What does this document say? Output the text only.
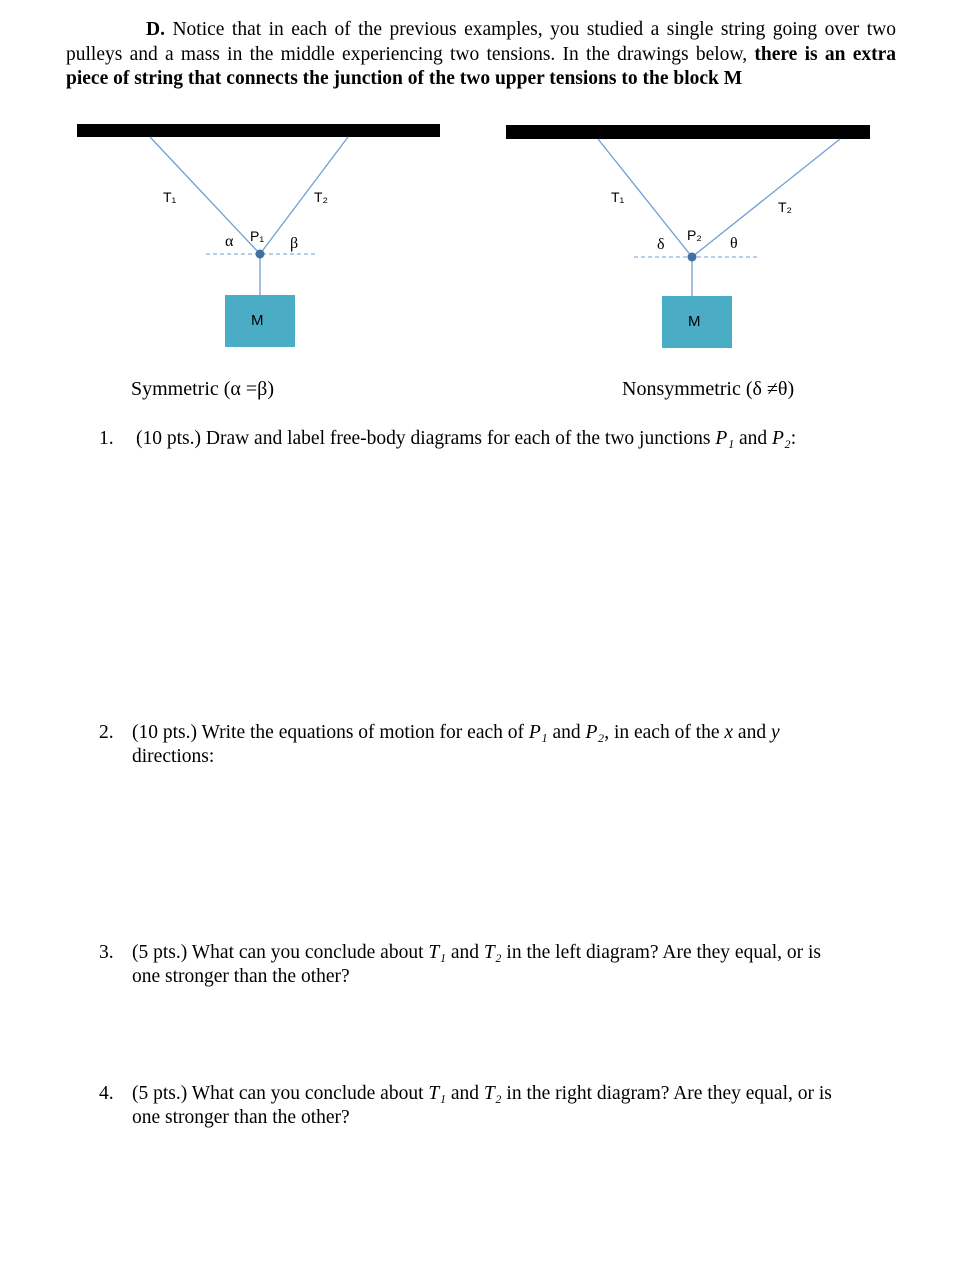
D. Notice that in each of the previous examples, you studied a single string going over two pulleys and a mass in the middle experiencing two tensions. In the drawings below, there is an extra piece of string that connects the junction of the two upper tensions to the block M
T₁	T₂
P₁
α	β
M
T₁
T₂
P₂
δ	θ
M
Symmetric (α =β)	Nonsymmetric (δ ≠θ)
1. (10 pts.) Draw and label free-body diagrams for each of the two junctions P₁ and P₂:
2. (10 pts.) Write the equations of motion for each of P₁ and P₂, in each of the x and y
directions:
3. (5 pts.) What can you conclude about T₁ and T₂ in the left diagram? Are they equal, or is
one stronger than the other?
4. (5 pts.) What can you conclude about T₁ and T₂ in the right diagram? Are they equal, or is
one stronger than the other?
